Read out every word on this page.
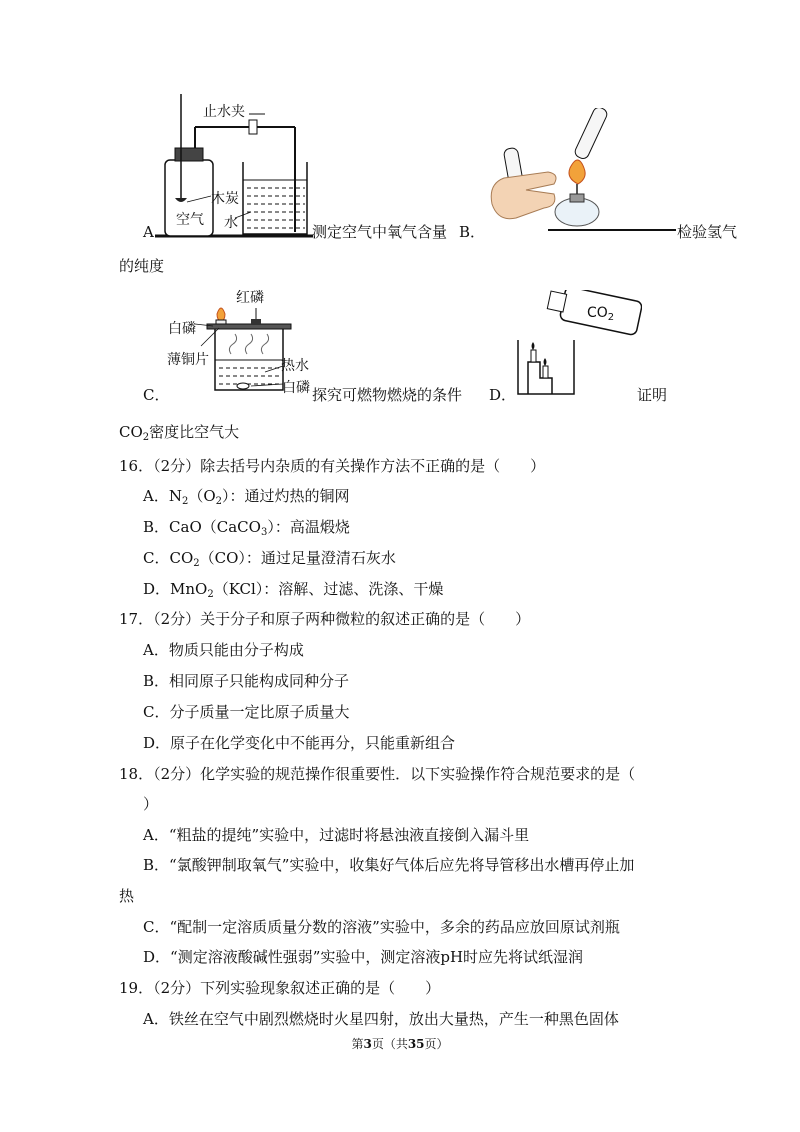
止水夹
木炭
空气 水
红磷
白磷
薄铜片	热水
白磷
$CO_2$
A．	测定空气中氧气含量 B．	检验氢气
的纯度
C．	探究可燃物燃烧的条件 D．	证明
$CO_2$密度比空气大
16．（2分）除去括号内杂质的有关操作方法不正确的是（　　）
A．$N_2(O_2)$：通过灼热的铜网
B．CaO（CaCO$_3$）：高温煅烧
C．$CO_2(CO)$：通过足量澄清石灰水
D．MnO$_2$（KCl）：溶解、过滤、洗涤、干燥
17．（2分）关于分子和原子两种微粒的叙述正确的是（　　）
A．物质只能由分子构成
B．相同原子只能构成同种分子
C．分子质量一定比原子质量大
D．原子在化学变化中不能再分，只能重新组合
18．（2分）化学实验的规范操作很重要性．以下实验操作符合规范要求的是（
）
A．“粗盐的提纯”实验中，过滤时将悬浊液直接倒入漏斗里
B．“氯酸钾制取氧气”实验中，收集好气体后应先将导管移出水槽再停止加
热
C．“配制一定溶质质量分数的溶液”实验中，多余的药品应放回原试剂瓶
D．“测定溶液酸碱性强弱”实验中，测定溶液pH时应先将试纸湿润
19．（2分）下列实验现象叙述正确的是（　　）
A．铁丝在空气中剧烈燃烧时火星四射，放出大量热，产生一种黑色固体
第3页（共35页）
